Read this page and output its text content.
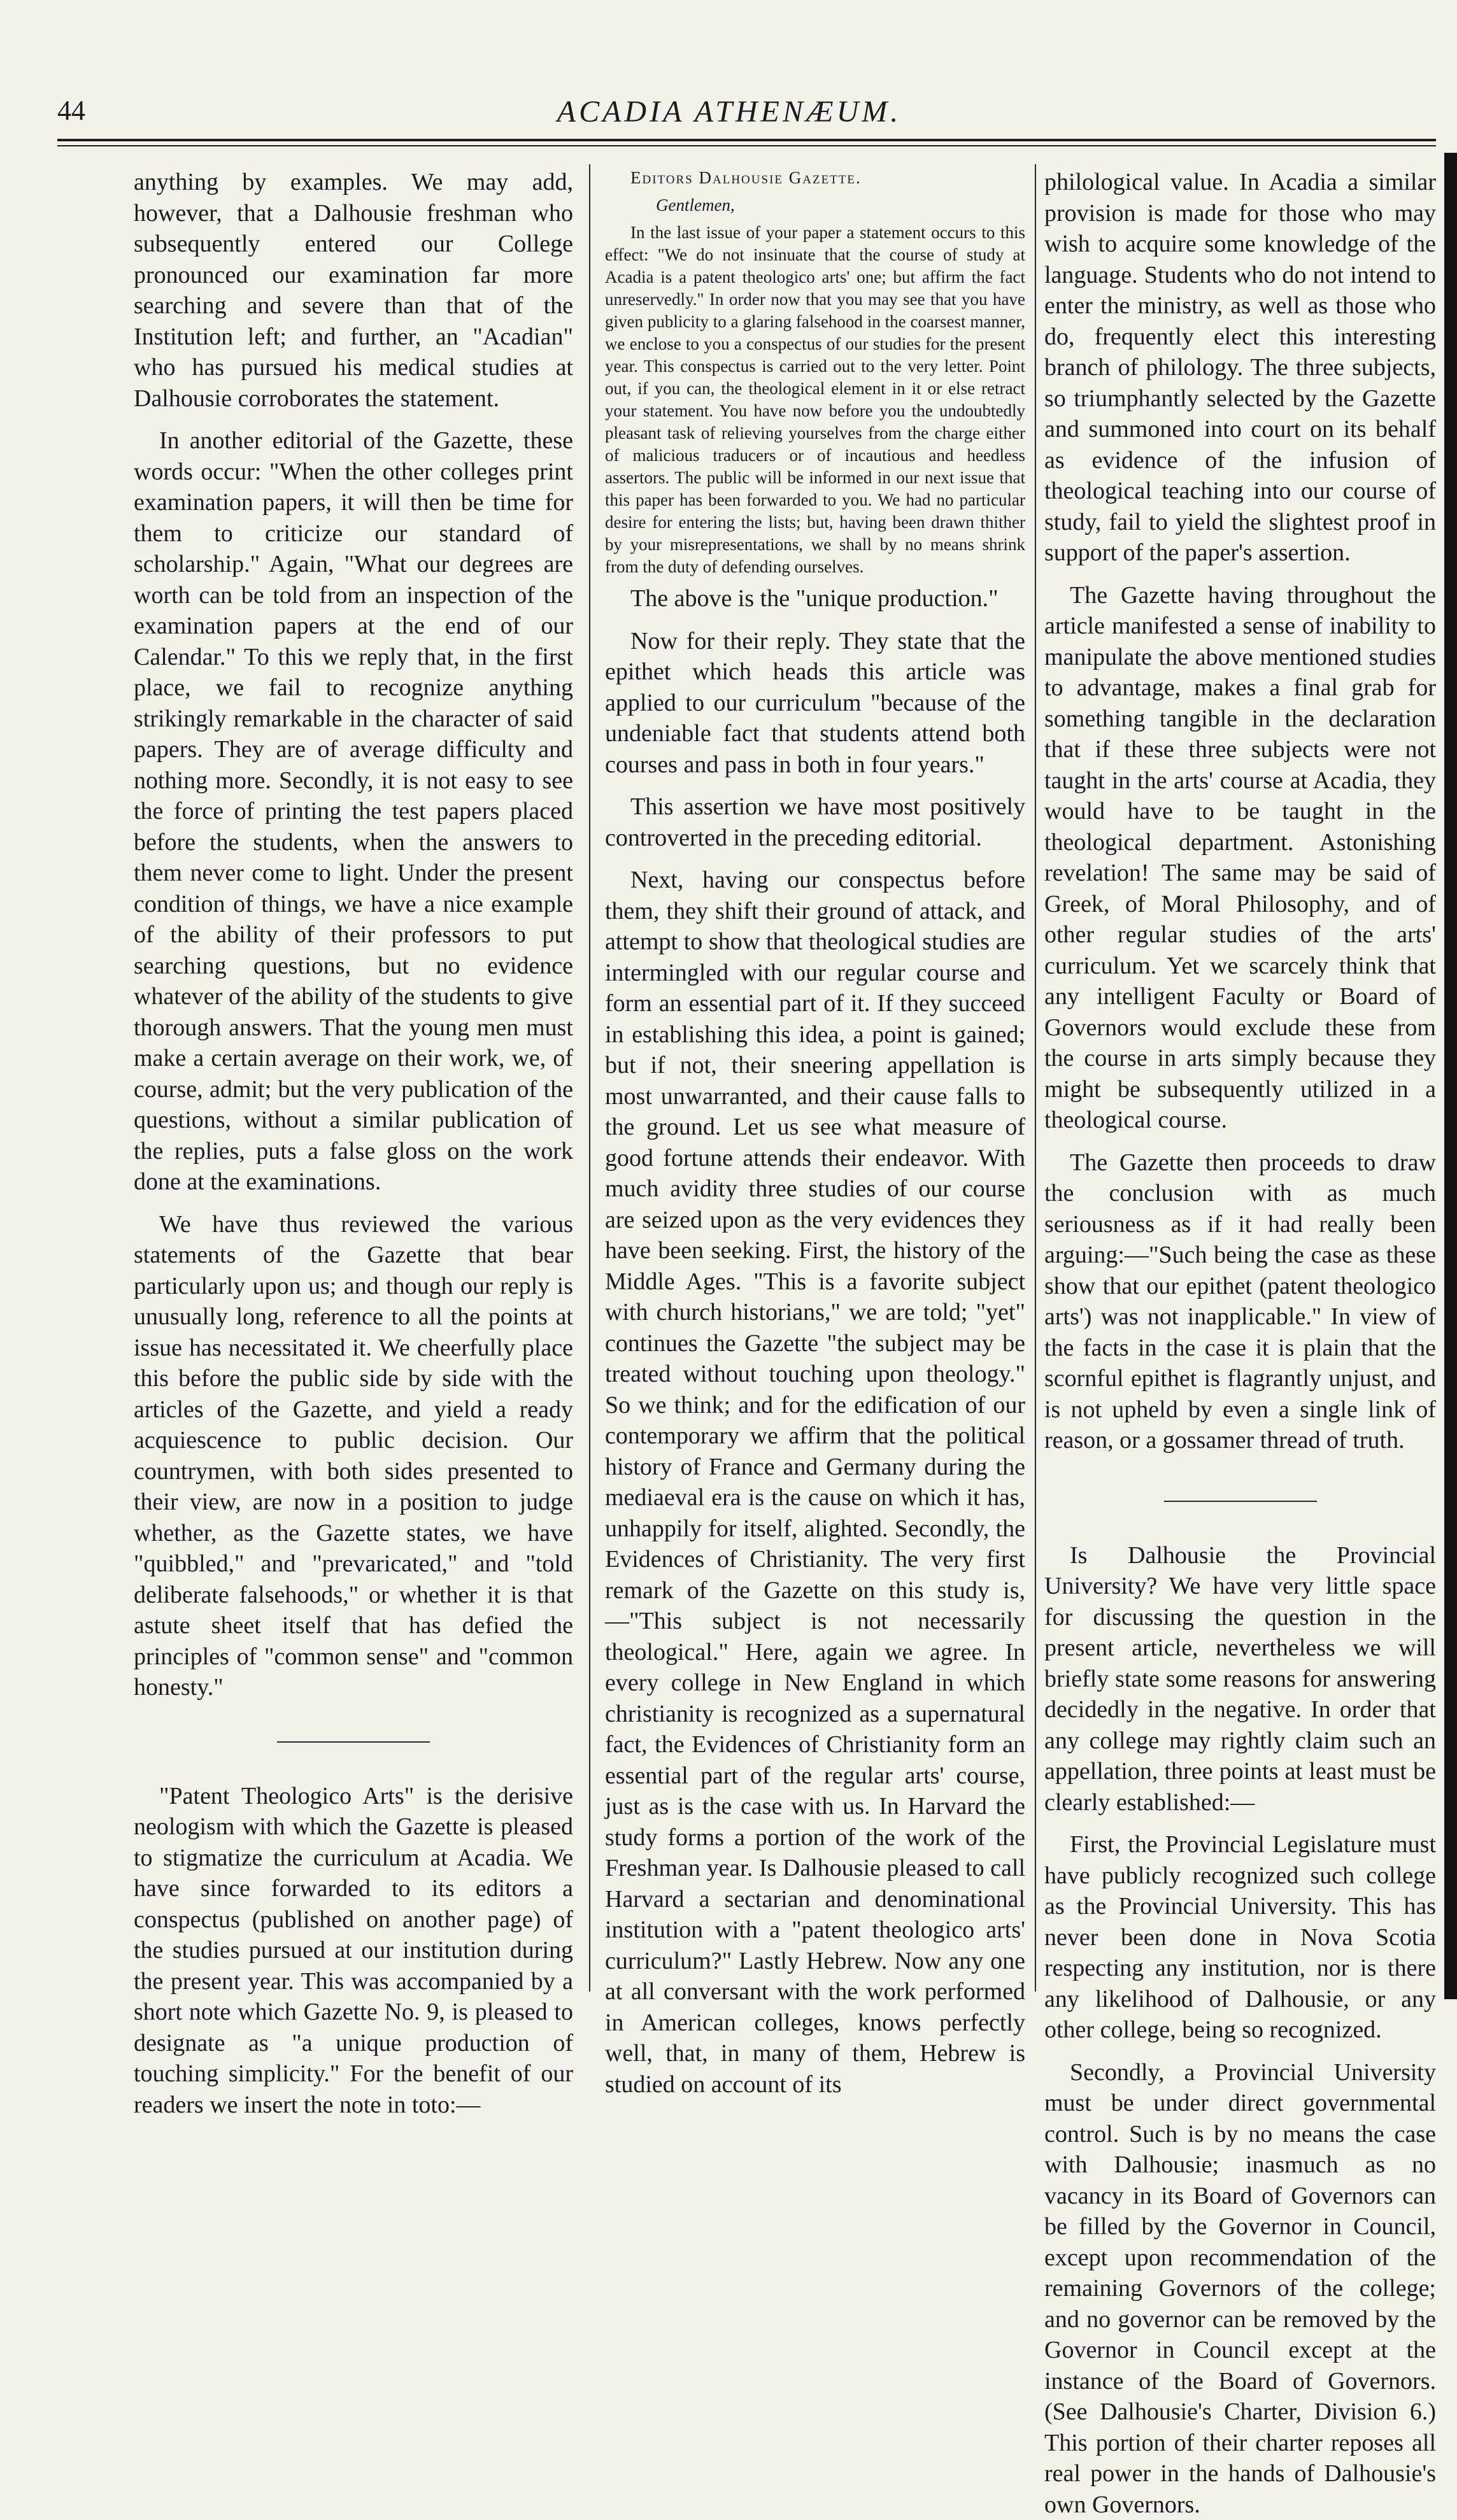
44	ACADIA ATHENÆUM.

anything by examples. We may add, however, that a Dalhousie freshman who subsequently entered our College pronounced our examination far more searching and severe than that of the Institution left; and further, an "Acadian" who has pursued his medical studies at Dalhousie corroborates the statement.

In another editorial of the Gazette, these words occur: "When the other colleges print examination papers, it will then be time for them to criticize our standard of scholarship." Again, "What our degrees are worth can be told from an inspection of the examination papers at the end of our Calendar." To this we reply that, in the first place, we fail to recognize anything strikingly remarkable in the character of said papers. They are of average difficulty and nothing more. Secondly, it is not easy to see the force of printing the test papers placed before the students, when the answers to them never come to light. Under the present condition of things, we have a nice example of the ability of their professors to put searching questions, but no evidence whatever of the ability of the students to give thorough answers. That the young men must make a certain average on their work, we, of course, admit; but the very publication of the questions, without a similar publication of the replies, puts a false gloss on the work done at the examinations.

We have thus reviewed the various statements of the Gazette that bear particularly upon us; and though our reply is unusually long, reference to all the points at issue has necessitated it. We cheerfully place this before the public side by side with the articles of the Gazette, and yield a ready acquiescence to public decision. Our countrymen, with both sides presented to their view, are now in a position to judge whether, as the Gazette states, we have "quibbled," and "prevaricated," and "told deliberate falsehoods," or whether it is that astute sheet itself that has defied the principles of "common sense" and "common honesty."

"Patent Theologico Arts" is the derisive neologism with which the Gazette is pleased to stigmatize the curriculum at Acadia. We have since forwarded to its editors a conspectus (published on another page) of the studies pursued at our institution during the present year. This was accompanied by a short note which Gazette No. 9, is pleased to designate as "a unique production of touching simplicity." For the benefit of our readers we insert the note in toto:—

Editors Dalhousie Gazette.

Gentlemen,

In the last issue of your paper a statement occurs to this effect: "We do not insinuate that the course of study at Acadia is a patent theologico arts' one; but affirm the fact unreservedly." In order now that you may see that you have given publicity to a glaring falsehood in the coarsest manner, we enclose to you a conspectus of our studies for the present year. This conspectus is carried out to the very letter. Point out, if you can, the theological element in it or else retract your statement. You have now before you the undoubtedly pleasant task of relieving yourselves from the charge either of malicious traducers or of incautious and heedless assertors. The public will be informed in our next issue that this paper has been forwarded to you. We had no particular desire for entering the lists; but, having been drawn thither by your misrepresentations, we shall by no means shrink from the duty of defending ourselves.

The above is the "unique production."

Now for their reply. They state that the epithet which heads this article was applied to our curriculum "because of the undeniable fact that students attend both courses and pass in both in four years."

This assertion we have most positively controverted in the preceding editorial.

Next, having our conspectus before them, they shift their ground of attack, and attempt to show that theological studies are intermingled with our regular course and form an essential part of it. If they succeed in establishing this idea, a point is gained; but if not, their sneering appellation is most unwarranted, and their cause falls to the ground. Let us see what measure of good fortune attends their endeavor. With much avidity three studies of our course are seized upon as the very evidences they have been seeking. First, the history of the Middle Ages. "This is a favorite subject with church historians," we are told; "yet" continues the Gazette "the subject may be treated without touching upon theology." So we think; and for the edification of our contemporary we affirm that the political history of France and Germany during the mediaeval era is the cause on which it has, unhappily for itself, alighted. Secondly, the Evidences of Christianity. The very first remark of the Gazette on this study is,—"This subject is not necessarily theological." Here, again we agree. In every college in New England in which christianity is recognized as a supernatural fact, the Evidences of Christianity form an essential part of the regular arts' course, just as is the case with us. In Harvard the study forms a portion of the work of the Freshman year. Is Dalhousie pleased to call Harvard a sectarian and denominational institution with a "patent theologico arts' curriculum?" Lastly Hebrew. Now any one at all conversant with the work performed in American colleges, knows perfectly well, that, in many of them, Hebrew is studied on account of its

philological value. In Acadia a similar provision is made for those who may wish to acquire some knowledge of the language. Students who do not intend to enter the ministry, as well as those who do, frequently elect this interesting branch of philology. The three subjects, so triumphantly selected by the Gazette and summoned into court on its behalf as evidence of the infusion of theological teaching into our course of study, fail to yield the slightest proof in support of the paper's assertion.

The Gazette having throughout the article manifested a sense of inability to manipulate the above mentioned studies to advantage, makes a final grab for something tangible in the declaration that if these three subjects were not taught in the arts' course at Acadia, they would have to be taught in the theological department. Astonishing revelation! The same may be said of Greek, of Moral Philosophy, and of other regular studies of the arts' curriculum. Yet we scarcely think that any intelligent Faculty or Board of Governors would exclude these from the course in arts simply because they might be subsequently utilized in a theological course.

The Gazette then proceeds to draw the conclusion with as much seriousness as if it had really been arguing:—"Such being the case as these show that our epithet (patent theologico arts') was not inapplicable." In view of the facts in the case it is plain that the scornful epithet is flagrantly unjust, and is not upheld by even a single link of reason, or a gossamer thread of truth.

Is Dalhousie the Provincial University? We have very little space for discussing the question in the present article, nevertheless we will briefly state some reasons for answering decidedly in the negative. In order that any college may rightly claim such an appellation, three points at least must be clearly established:—

First, the Provincial Legislature must have publicly recognized such college as the Provincial University. This has never been done in Nova Scotia respecting any institution, nor is there any likelihood of Dalhousie, or any other college, being so recognized.

Secondly, a Provincial University must be under direct governmental control. Such is by no means the case with Dalhousie; inasmuch as no vacancy in its Board of Governors can be filled by the Governor in Council, except upon recommendation of the remaining Governors of the college; and no governor can be removed by the Governor in Council except at the instance of the Board of Governors. (See Dalhousie's Charter, Division 6.) This portion of their charter reposes all real power in the hands of Dalhousie's own Governors.
